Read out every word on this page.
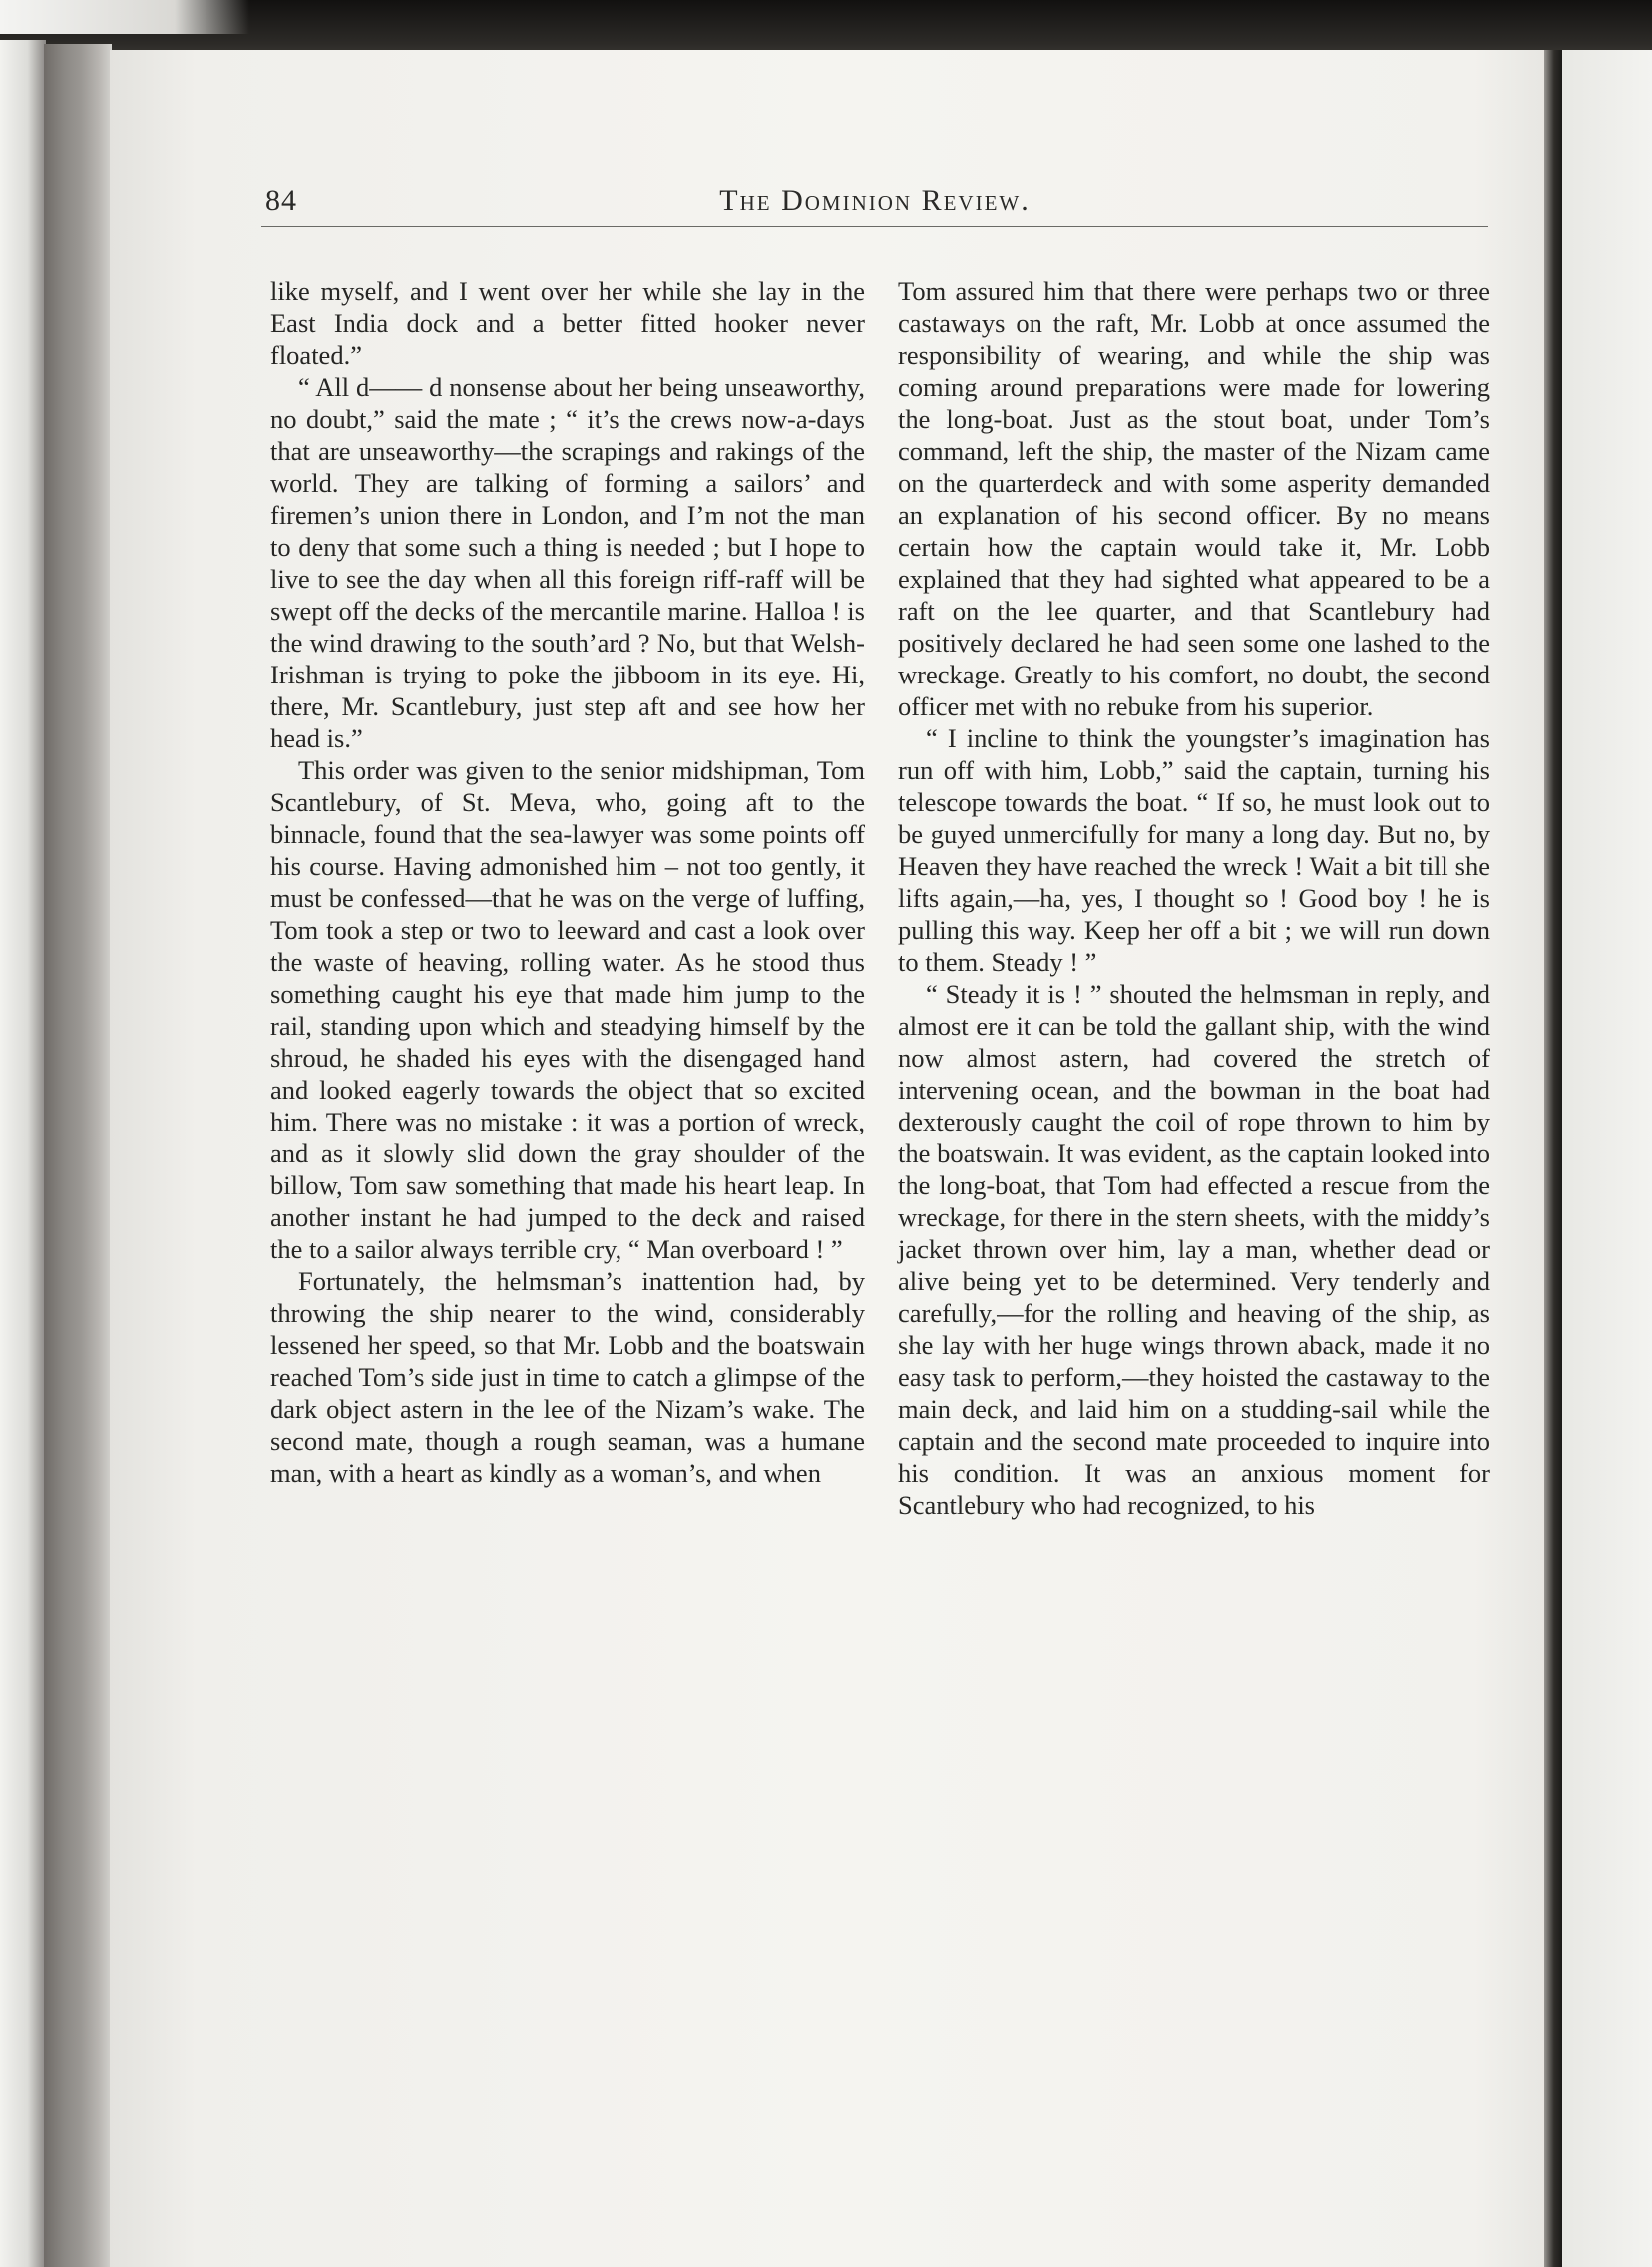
84	The Dominion Review.

like myself, and I went over her while she lay in the East India dock and a better fitted hooker never floated.”

“ All d—— d nonsense about her being unseaworthy, no doubt,” said the mate ; “ it’s the crews now-a-days that are unseaworthy—the scrapings and rakings of the world. They are talking of forming a sailors’ and firemen’s union there in London, and I’m not the man to deny that some such a thing is needed ; but I hope to live to see the day when all this foreign riff-raff will be swept off the decks of the mercantile marine. Halloa ! is the wind drawing to the south’ard ? No, but that Welsh-Irishman is trying to poke the jibboom in its eye. Hi, there, Mr. Scantlebury, just step aft and see how her head is.”

This order was given to the senior midshipman, Tom Scantlebury, of St. Meva, who, going aft to the binnacle, found that the sea-lawyer was some points off his course. Having admonished him – not too gently, it must be confessed—that he was on the verge of luffing, Tom took a step or two to leeward and cast a look over the waste of heaving, rolling water. As he stood thus something caught his eye that made him jump to the rail, standing upon which and steadying himself by the shroud, he shaded his eyes with the disengaged hand and looked eagerly towards the object that so excited him. There was no mistake : it was a portion of wreck, and as it slowly slid down the gray shoulder of the billow, Tom saw something that made his heart leap. In another instant he had jumped to the deck and raised the to a sailor always terrible cry, “ Man overboard ! ”

Fortunately, the helmsman’s inattention had, by throwing the ship nearer to the wind, considerably lessened her speed, so that Mr. Lobb and the boatswain reached Tom’s side just in time to catch a glimpse of the dark object astern in the lee of the Nizam’s wake. The second mate, though a rough seaman, was a humane man, with a heart as kindly as a woman’s, and when

Tom assured him that there were perhaps two or three castaways on the raft, Mr. Lobb at once assumed the responsibility of wearing, and while the ship was coming around preparations were made for lowering the long-boat. Just as the stout boat, under Tom’s command, left the ship, the master of the Nizam came on the quarterdeck and with some asperity demanded an explanation of his second officer. By no means certain how the captain would take it, Mr. Lobb explained that they had sighted what appeared to be a raft on the lee quarter, and that Scantlebury had positively declared he had seen some one lashed to the wreckage. Greatly to his comfort, no doubt, the second officer met with no rebuke from his superior.

“ I incline to think the youngster’s imagination has run off with him, Lobb,” said the captain, turning his telescope towards the boat. “ If so, he must look out to be guyed unmercifully for many a long day. But no, by Heaven they have reached the wreck ! Wait a bit till she lifts again,—ha, yes, I thought so ! Good boy ! he is pulling this way. Keep her off a bit ; we will run down to them. Steady ! ”

“ Steady it is ! ” shouted the helmsman in reply, and almost ere it can be told the gallant ship, with the wind now almost astern, had covered the stretch of intervening ocean, and the bowman in the boat had dexterously caught the coil of rope thrown to him by the boatswain. It was evident, as the captain looked into the long-boat, that Tom had effected a rescue from the wreckage, for there in the stern sheets, with the middy’s jacket thrown over him, lay a man, whether dead or alive being yet to be determined. Very tenderly and carefully,—for the rolling and heaving of the ship, as she lay with her huge wings thrown aback, made it no easy task to perform,—they hoisted the castaway to the main deck, and laid him on a studding-sail while the captain and the second mate proceeded to inquire into his condition. It was an anxious moment for Scantlebury who had recognized, to his
